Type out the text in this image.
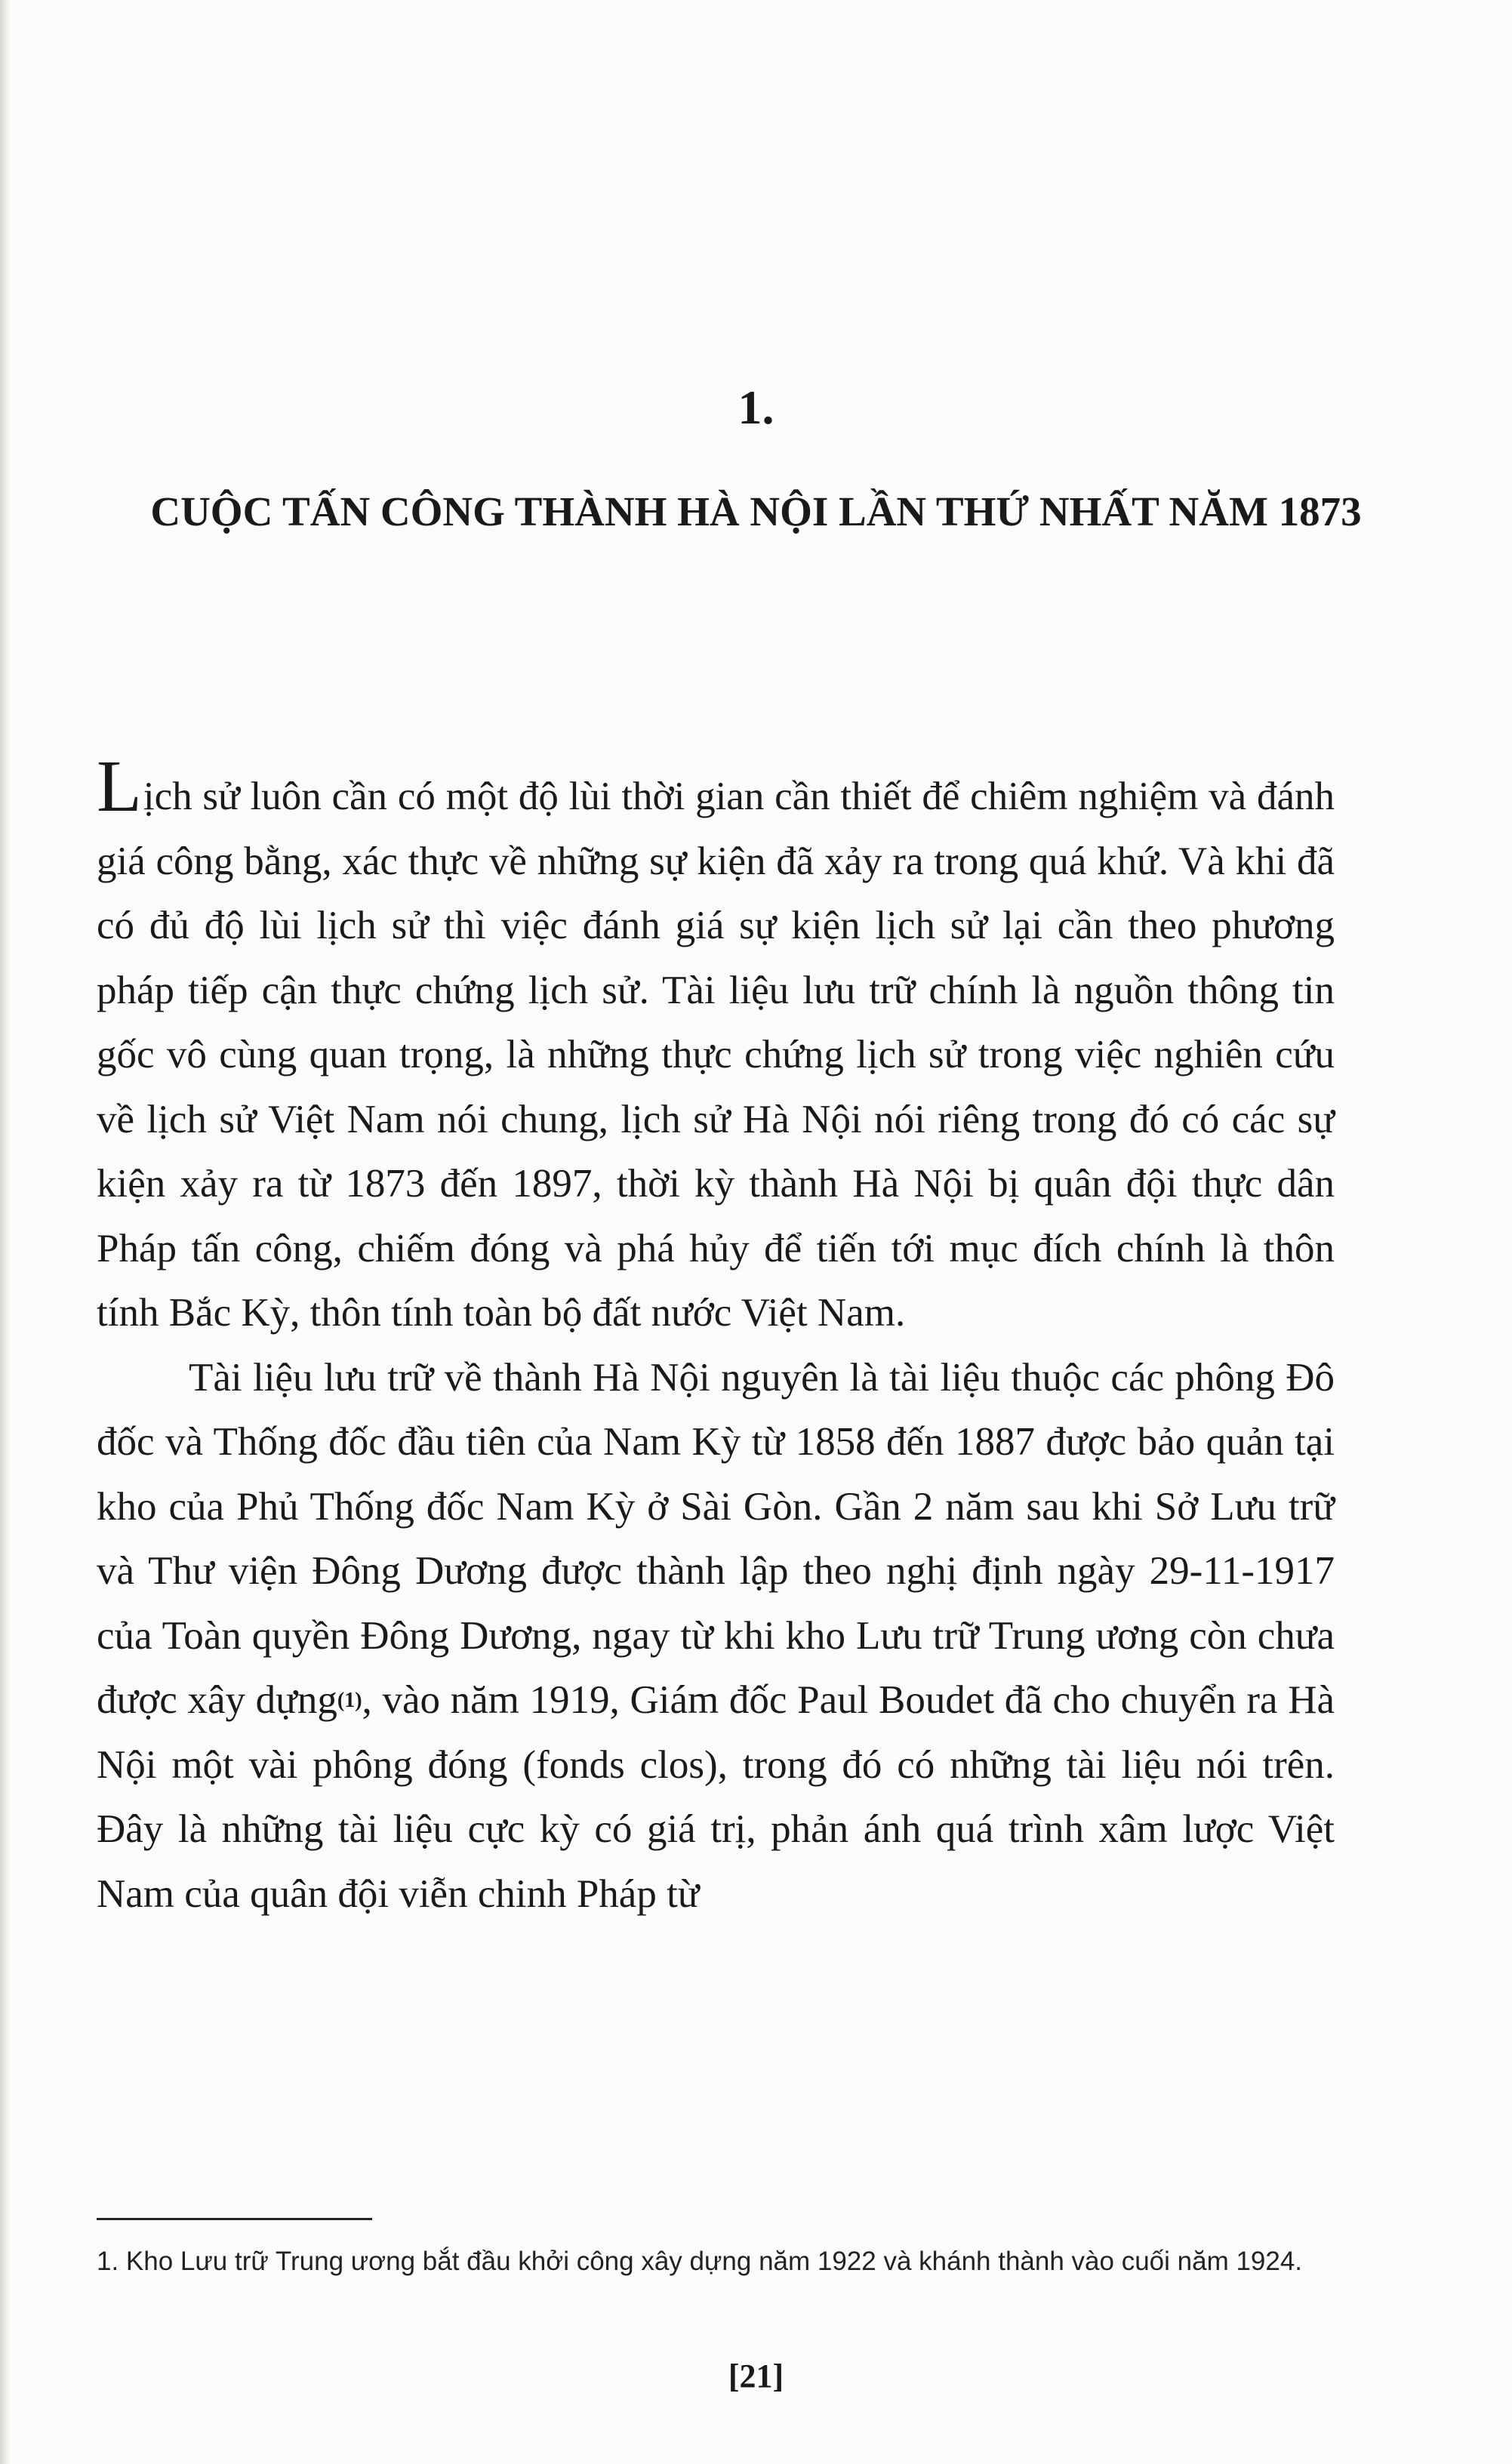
1.
CUỘC TẤN CÔNG THÀNH HÀ NỘI LẦN THỨ NHẤT NĂM 1873

Lịch sử luôn cần có một độ lùi thời gian cần thiết để chiêm nghiệm và đánh giá công bằng, xác thực về những sự kiện đã xảy ra trong quá khứ. Và khi đã có đủ độ lùi lịch sử thì việc đánh giá sự kiện lịch sử lại cần theo phương pháp tiếp cận thực chứng lịch sử. Tài liệu lưu trữ chính là nguồn thông tin gốc vô cùng quan trọng, là những thực chứng lịch sử trong việc nghiên cứu về lịch sử Việt Nam nói chung, lịch sử Hà Nội nói riêng trong đó có các sự kiện xảy ra từ 1873 đến 1897, thời kỳ thành Hà Nội bị quân đội thực dân Pháp tấn công, chiếm đóng và phá hủy để tiến tới mục đích chính là thôn tính Bắc Kỳ, thôn tính toàn bộ đất nước Việt Nam.

Tài liệu lưu trữ về thành Hà Nội nguyên là tài liệu thuộc các phông Đô đốc và Thống đốc đầu tiên của Nam Kỳ từ 1858 đến 1887 được bảo quản tại kho của Phủ Thống đốc Nam Kỳ ở Sài Gòn. Gần 2 năm sau khi Sở Lưu trữ và Thư viện Đông Dương được thành lập theo nghị định ngày 29-11-1917 của Toàn quyền Đông Dương, ngay từ khi kho Lưu trữ Trung ương còn chưa được xây dựng$^{(1)}$, vào năm 1919, Giám đốc Paul Boudet đã cho chuyển ra Hà Nội một vài phông đóng (fonds clos), trong đó có những tài liệu nói trên. Đây là những tài liệu cực kỳ có giá trị, phản ánh quá trình xâm lược Việt Nam của quân đội viễn chinh Pháp từ

1. Kho Lưu trữ Trung ương bắt đầu khởi công xây dựng năm 1922 và khánh thành vào cuối năm 1924.

[21]
